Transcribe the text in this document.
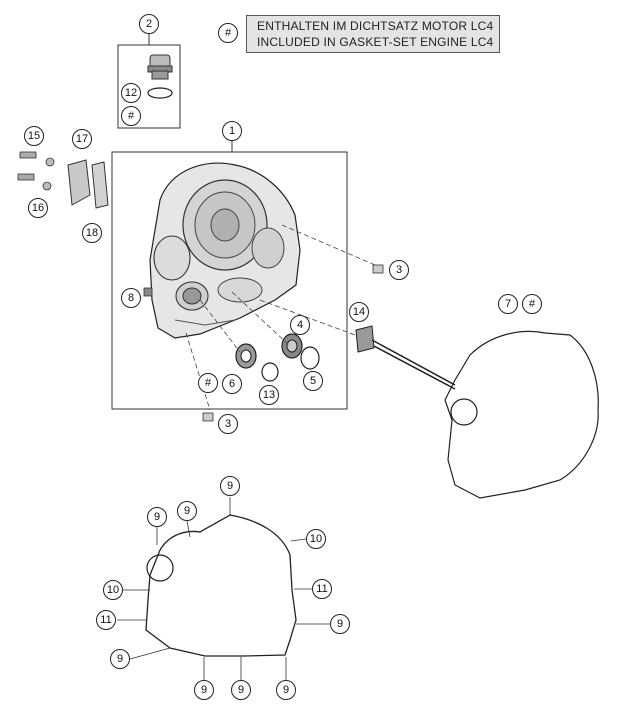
ENTHALTEN IM DICHTSATZ MOTOR LC4
INCLUDED IN GASKET-SET ENGINE LC4
#
2
12
#
15	17
16
18
1
3
8
4
5
#	6
13
3
14
7	#
9
9	9
10
10	11
11	9
9
9	9	9
